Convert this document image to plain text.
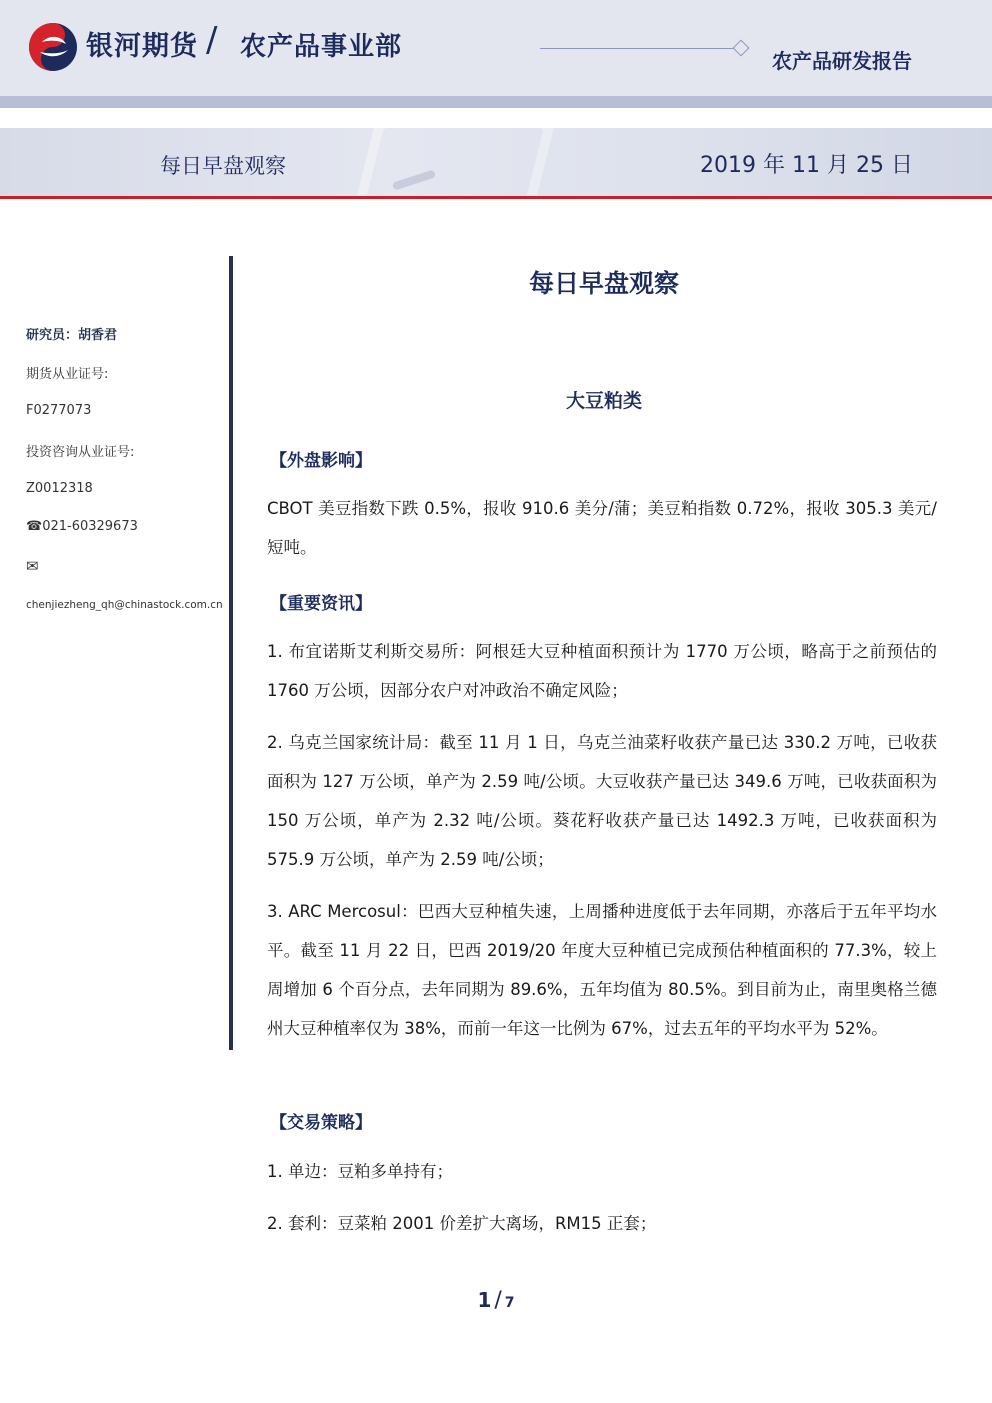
银河期货 / 农产品事业部	农产品研发报告
每日早盘观察	2019 年 11 月 25 日
研究员：胡香君
期货从业证号:
F0277073
投资咨询从业证号:
Z0012318
☎021-60329673
✉
chenjiezheng_qh@chinastock.com.cn
每日早盘观察
大豆粕类
【外盘影响】

CBOT 美豆指数下跌 0.5%，报收 910.6 美分/蒲；美豆粕指数 0.72%，报收 305.3 美元/短吨。

【重要资讯】

1. 布宜诺斯艾利斯交易所：阿根廷大豆种植面积预计为 1770 万公顷，略高于之前预估的 1760 万公顷，因部分农户对冲政治不确定风险；

2. 乌克兰国家统计局：截至 11 月 1 日，乌克兰油菜籽收获产量已达 330.2 万吨，已收获面积为 127 万公顷，单产为 2.59 吨/公顷。大豆收获产量已达 349.6 万吨，已收获面积为 150 万公顷，单产为 2.32 吨/公顷。葵花籽收获产量已达 1492.3 万吨，已收获面积为 575.9 万公顷，单产为 2.59 吨/公顷；

3. ARC Mercosul：巴西大豆种植失速，上周播种进度低于去年同期，亦落后于五年平均水平。截至 11 月 22 日，巴西 2019/20 年度大豆种植已完成预估种植面积的 77.3%，较上周增加 6 个百分点，去年同期为 89.6%，五年均值为 80.5%。到目前为止，南里奥格兰德州大豆种植率仅为 38%，而前一年这一比例为 67%，过去五年的平均水平为 52%。

【交易策略】

1. 单边：豆粕多单持有；

2. 套利：豆菜粕 2001 价差扩大离场，RM15 正套；

1 / 7
